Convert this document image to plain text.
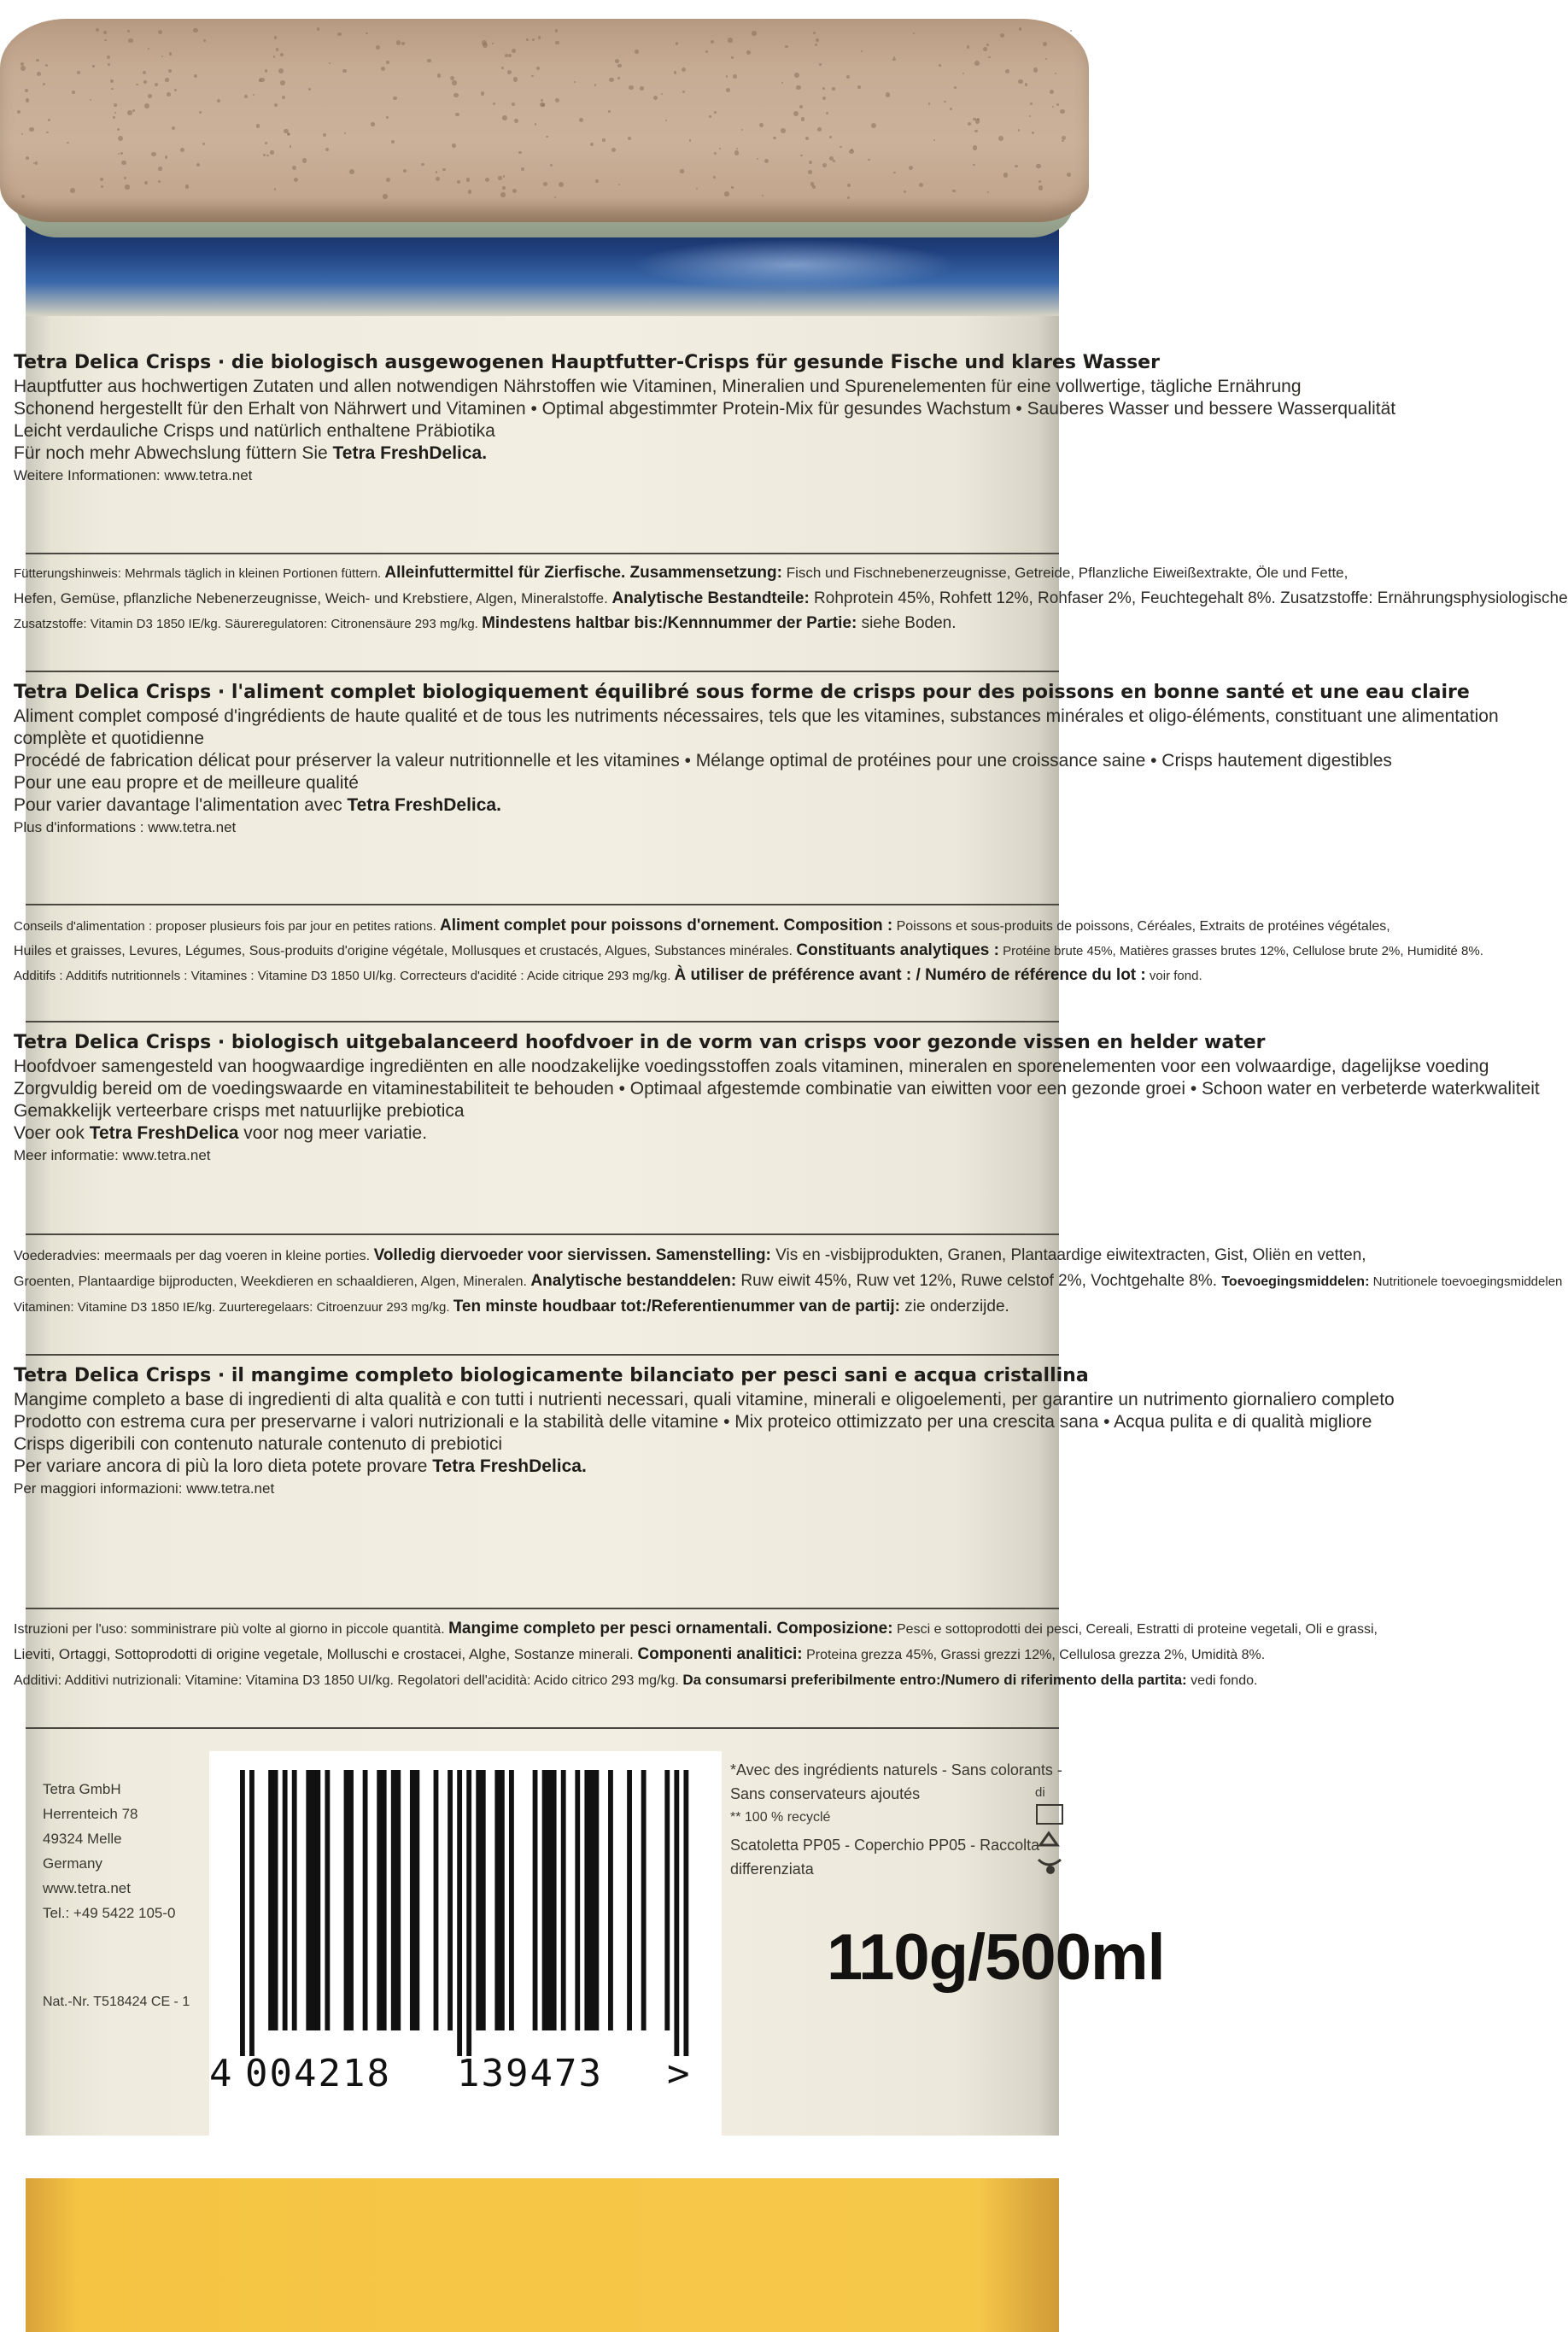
Tetra Delica Crisps · die biologisch ausgewogenen Hauptfutter-Crisps für gesunde Fische und klares Wasser
Hauptfutter aus hochwertigen Zutaten und allen notwendigen Nährstoffen wie Vitaminen, Mineralien und Spurenelementen für eine vollwertige, tägliche Ernährung
Schonend hergestellt für den Erhalt von Nährwert und Vitaminen • Optimal abgestimmter Protein-Mix für gesundes Wachstum • Sauberes Wasser und bessere Wasserqualität
Leicht verdauliche Crisps und natürlich enthaltene Präbiotika
Für noch mehr Abwechslung füttern Sie Tetra FreshDelica.
Weitere Informationen: www.tetra.net
Fütterungshinweis: Mehrmals täglich in kleinen Portionen füttern. Alleinfuttermittel für Zierfische. Zusammensetzung: Fisch und Fischnebenerzeugnisse, Getreide, Pflanzliche Eiweißextrakte, Öle und Fette,
Hefen, Gemüse, pflanzliche Nebenerzeugnisse, Weich- und Krebstiere, Algen, Mineralstoffe. Analytische Bestandteile: Rohprotein 45%, Rohfett 12%, Rohfaser 2%, Feuchtegehalt 8%. Zusatzstoffe: Ernährungsphysiologische
Zusatzstoffe: Vitamin D3 1850 IE/kg. Säureregulatoren: Citronensäure 293 mg/kg. Mindestens haltbar bis:/Kennnummer der Partie: siehe Boden.
Tetra Delica Crisps · l'aliment complet biologiquement équilibré sous forme de crisps pour des poissons en bonne santé et une eau claire
Aliment complet composé d'ingrédients de haute qualité et de tous les nutriments nécessaires, tels que les vitamines, substances minérales et oligo-éléments, constituant une alimentation
complète et quotidienne
Procédé de fabrication délicat pour préserver la valeur nutritionnelle et les vitamines • Mélange optimal de protéines pour une croissance saine • Crisps hautement digestibles
Pour une eau propre et de meilleure qualité
Pour varier davantage l'alimentation avec Tetra FreshDelica.
Plus d'informations : www.tetra.net
Conseils d'alimentation : proposer plusieurs fois par jour en petites rations. Aliment complet pour poissons d'ornement. Composition : Poissons et sous-produits de poissons, Céréales, Extraits de protéines végétales,
Huiles et graisses, Levures, Légumes, Sous-produits d'origine végétale, Mollusques et crustacés, Algues, Substances minérales. Constituants analytiques : Protéine brute 45%, Matières grasses brutes 12%, Cellulose brute 2%, Humidité 8%.
Additifs : Additifs nutritionnels : Vitamines : Vitamine D3 1850 UI/kg. Correcteurs d'acidité : Acide citrique 293 mg/kg. À utiliser de préférence avant : / Numéro de référence du lot : voir fond.
Tetra Delica Crisps · biologisch uitgebalanceerd hoofdvoer in de vorm van crisps voor gezonde vissen en helder water
Hoofdvoer samengesteld van hoogwaardige ingrediënten en alle noodzakelijke voedingsstoffen zoals vitaminen, mineralen en sporenelementen voor een volwaardige, dagelijkse voeding
Zorgvuldig bereid om de voedingswaarde en vitaminestabiliteit te behouden • Optimaal afgestemde combinatie van eiwitten voor een gezonde groei • Schoon water en verbeterde waterkwaliteit
Gemakkelijk verteerbare crisps met natuurlijke prebiotica
Voer ook Tetra FreshDelica voor nog meer variatie.
Meer informatie: www.tetra.net
Voederadvies: meermaals per dag voeren in kleine porties. Volledig diervoeder voor siervissen. Samenstelling: Vis en -visbijprodukten, Granen, Plantaardige eiwitextracten, Gist, Oliën en vetten,
Groenten, Plantaardige bijproducten, Weekdieren en schaaldieren, Algen, Mineralen. Analytische bestanddelen: Ruw eiwit 45%, Ruw vet 12%, Ruwe celstof 2%, Vochtgehalte 8%. Toevoegingsmiddelen: Nutritionele toevoegingsmiddelen
Vitaminen: Vitamine D3 1850 IE/kg. Zuurteregelaars: Citroenzuur 293 mg/kg. Ten minste houdbaar tot:/Referentienummer van de partij: zie onderzijde.
Tetra Delica Crisps · il mangime completo biologicamente bilanciato per pesci sani e acqua cristallina
Mangime completo a base di ingredienti di alta qualità e con tutti i nutrienti necessari, quali vitamine, minerali e oligoelementi, per garantire un nutrimento giornaliero completo
Prodotto con estrema cura per preservarne i valori nutrizionali e la stabilità delle vitamine • Mix proteico ottimizzato per una crescita sana • Acqua pulita e di qualità migliore
Crisps digeribili con contenuto naturale contenuto di prebiotici
Per variare ancora di più la loro dieta potete provare Tetra FreshDelica.
Per maggiori informazioni: www.tetra.net
Istruzioni per l'uso: somministrare più volte al giorno in piccole quantità. Mangime completo per pesci ornamentali. Composizione: Pesci e sottoprodotti dei pesci, Cereali, Estratti di proteine vegetali, Oli e grassi,
Lieviti, Ortaggi, Sottoprodotti di origine vegetale, Molluschi e crostacei, Alghe, Sostanze minerali. Componenti analitici: Proteina grezza 45%, Grassi grezzi 12%, Cellulosa grezza 2%, Umidità 8%.
Additivi: Additivi nutrizionali: Vitamine: Vitamina D3 1850 UI/kg. Regolatori dell'acidità: Acido citrico 293 mg/kg. Da consumarsi preferibilmente entro:/Numero di riferimento della partita: vedi fondo.
Tetra GmbH
Herrenteich 78
49324 Melle
Germany
www.tetra.net
Tel.: +49 5422 105-0
Nat.-Nr. T518424 CE - 1
*Avec des ingrédients naturels - Sans colorants -
Sans conservateurs ajoutés
** 100 % recyclé
Scatoletta PP05 - Coperchio PP05 - Raccolta
differenziata
di
110g/500ml
4 004218 139473 >
